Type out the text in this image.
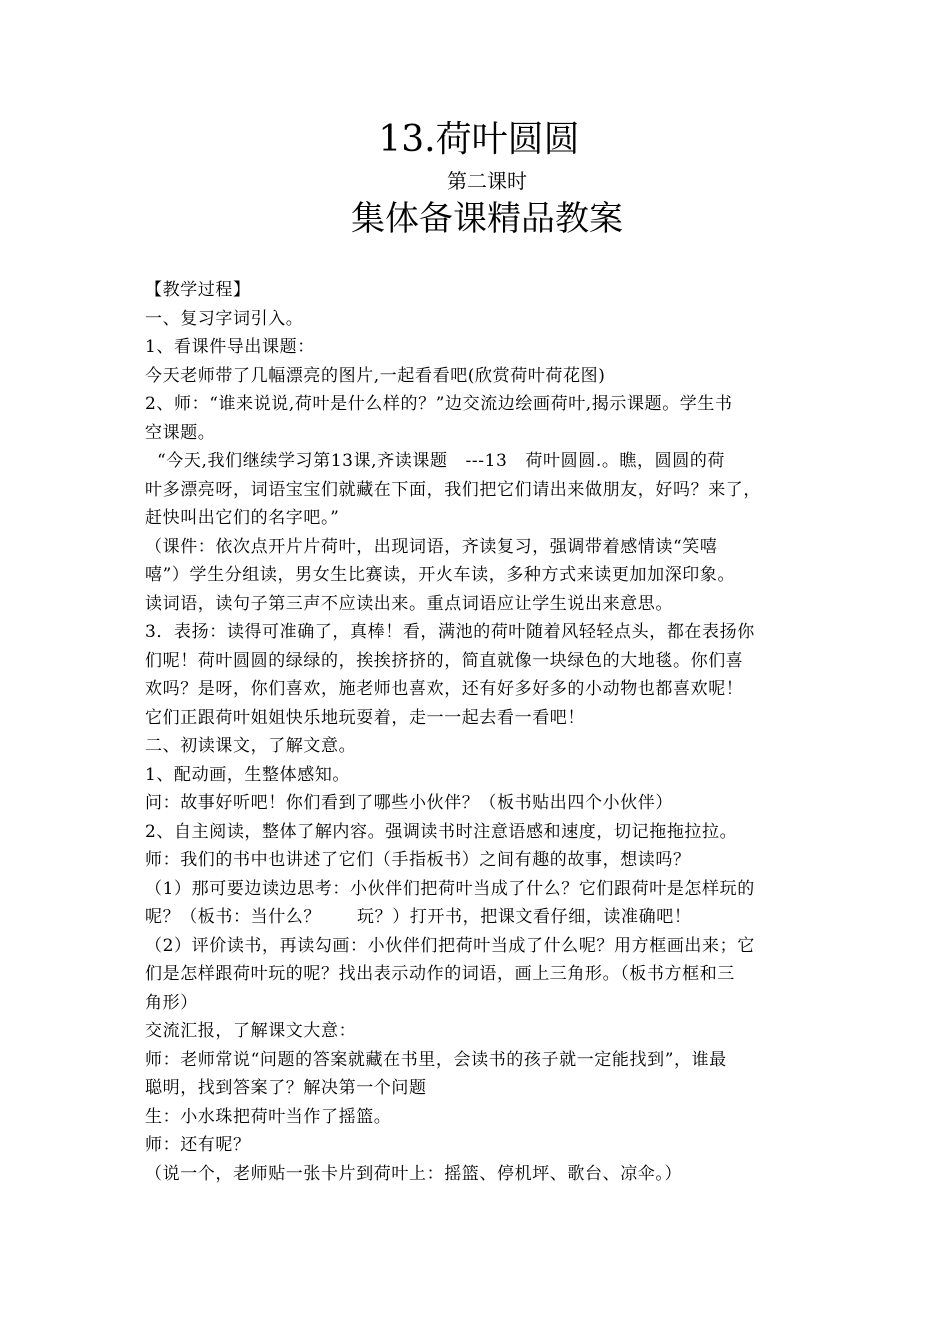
13.荷叶圆圆
第二课时
集体备课精品教案

【教学过程】

一、复习字词引入。

1、看课件导出课题：

今天老师带了几幅漂亮的图片,一起看看吧(欣赏荷叶荷花图)

2、师：“谁来说说,荷叶是什么样的？”边交流边绘画荷叶,揭示课题。学生书

空课题。

“今天,我们继续学习第13课,齐读课题   ---13   荷叶圆圆.。瞧，圆圆的荷

叶多漂亮呀，词语宝宝们就藏在下面，我们把它们请出来做朋友，好吗？来了，

赶快叫出它们的名字吧。”

（课件：依次点开片片荷叶，出现词语，齐读复习，强调带着感情读“笑嘻

嘻”）学生分组读，男女生比赛读，开火车读，多种方式来读更加加深印象。

读词语，读句子第三声不应读出来。重点词语应让学生说出来意思。

3．表扬：读得可准确了，真棒！看，满池的荷叶随着风轻轻点头，都在表扬你

们呢！荷叶圆圆的绿绿的，挨挨挤挤的，简直就像一块绿色的大地毯。你们喜

欢吗？是呀，你们喜欢，施老师也喜欢，还有好多好多的小动物也都喜欢呢！

它们正跟荷叶姐姐快乐地玩耍着，走一一起去看一看吧！

二、初读课文，了解文意。

1、配动画，生整体感知。

问：故事好听吧！你们看到了哪些小伙伴？（板书贴出四个小伙伴）

2、自主阅读，整体了解内容。强调读书时注意语感和速度，切记拖拖拉拉。

师：我们的书中也讲述了它们（手指板书）之间有趣的故事，想读吗？

（1）那可要边读边思考：小伙伴们把荷叶当成了什么？它们跟荷叶是怎样玩的

呢？（板书：当什么？      玩？）打开书，把课文看仔细，读准确吧！

（2）评价读书，再读勾画：小伙伴们把荷叶当成了什么呢？用方框画出来；它

们是怎样跟荷叶玩的呢？找出表示动作的词语，画上三角形。（板书方框和三

角形）

交流汇报，了解课文大意：

师：老师常说“问题的答案就藏在书里，会读书的孩子就一定能找到”，谁最

聪明，找到答案了？解决第一个问题

生：小水珠把荷叶当作了摇篮。

师：还有呢？

（说一个，老师贴一张卡片到荷叶上：摇篮、停机坪、歌台、凉伞。）
